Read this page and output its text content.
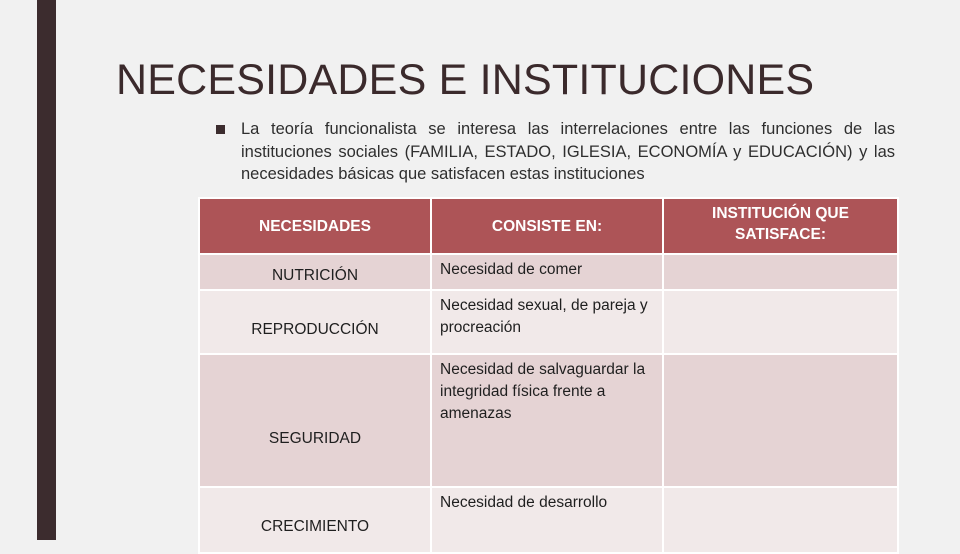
NECESIDADES E INSTITUCIONES

La teoría funcionalista se interesa las interrelaciones entre las funciones de las instituciones sociales (FAMILIA, ESTADO, IGLESIA, ECONOMÍA y EDUCACIÓN) y las necesidades básicas que satisfacen estas instituciones

NECESIDADES	CONSISTE EN:	INSTITUCIÓN QUE SATISFACE:
NUTRICIÓN	Necesidad de comer	
REPRODUCCIÓN	Necesidad sexual, de pareja y procreación	
SEGURIDAD	Necesidad de salvaguardar la integridad física frente a amenazas	
CRECIMIENTO	Necesidad de desarrollo	
